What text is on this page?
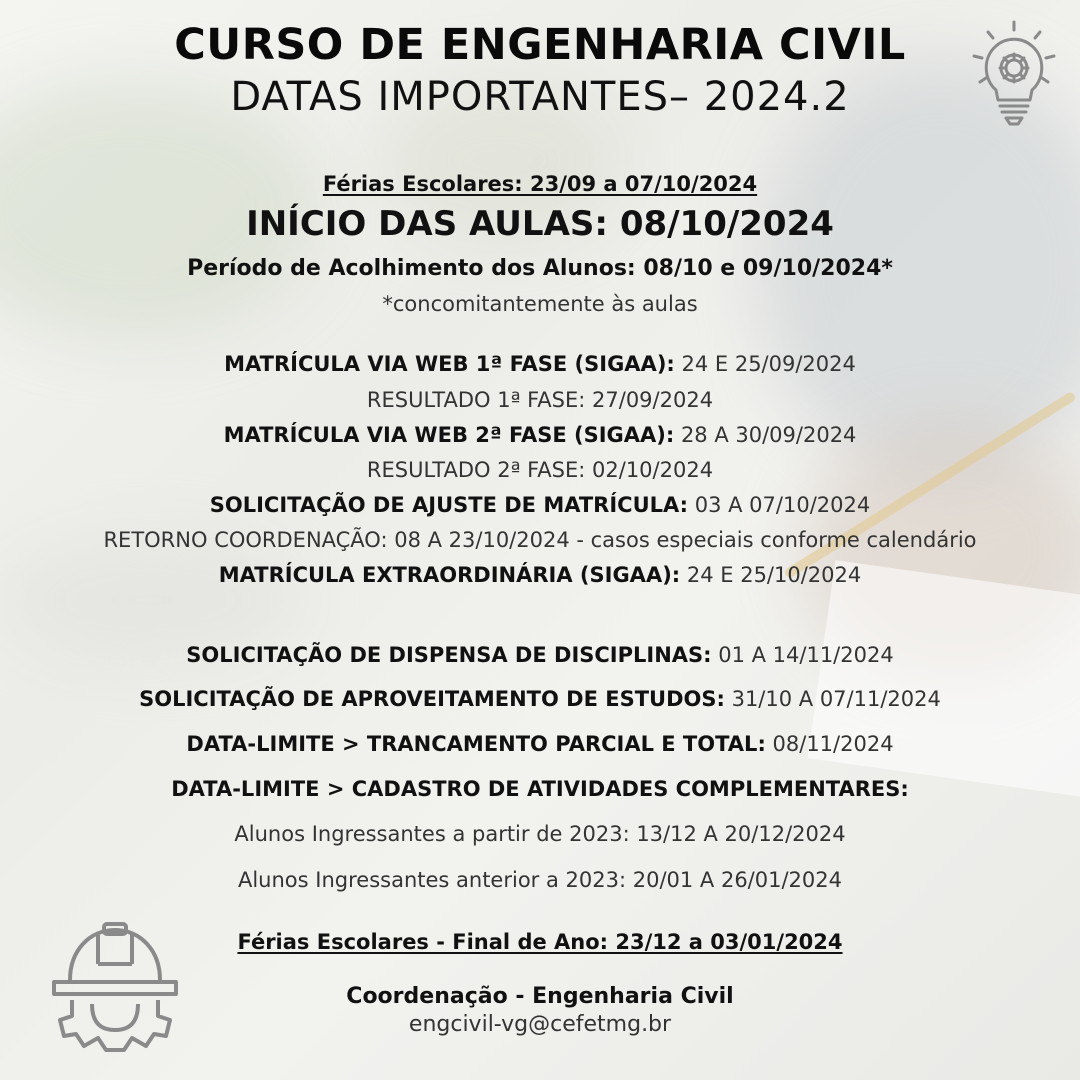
CURSO DE ENGENHARIA CIVIL
DATAS IMPORTANTES– 2024.2
Férias Escolares: 23/09 a 07/10/2024
INÍCIO DAS AULAS: 08/10/2024
Período de Acolhimento dos Alunos: 08/10 e 09/10/2024*
*concomitantemente às aulas
MATRÍCULA VIA WEB 1ª FASE (SIGAA): 24 E 25/09/2024
RESULTADO 1ª FASE: 27/09/2024
MATRÍCULA VIA WEB 2ª FASE (SIGAA): 28 A 30/09/2024
RESULTADO 2ª FASE: 02/10/2024
SOLICITAÇÃO DE AJUSTE DE MATRÍCULA: 03 A 07/10/2024
RETORNO COORDENAÇÃO: 08 A 23/10/2024 - casos especiais conforme calendário
MATRÍCULA EXTRAORDINÁRIA (SIGAA): 24 E 25/10/2024
SOLICITAÇÃO DE DISPENSA DE DISCIPLINAS: 01 A 14/11/2024
SOLICITAÇÃO DE APROVEITAMENTO DE ESTUDOS: 31/10 A 07/11/2024
DATA-LIMITE > TRANCAMENTO PARCIAL E TOTAL: 08/11/2024
DATA-LIMITE > CADASTRO DE ATIVIDADES COMPLEMENTARES:
Alunos Ingressantes a partir de 2023: 13/12 A 20/12/2024
Alunos Ingressantes anterior a 2023: 20/01 A 26/01/2024
Férias Escolares - Final de Ano: 23/12 a 03/01/2024
Coordenação - Engenharia Civil
engcivil-vg@cefetmg.br
